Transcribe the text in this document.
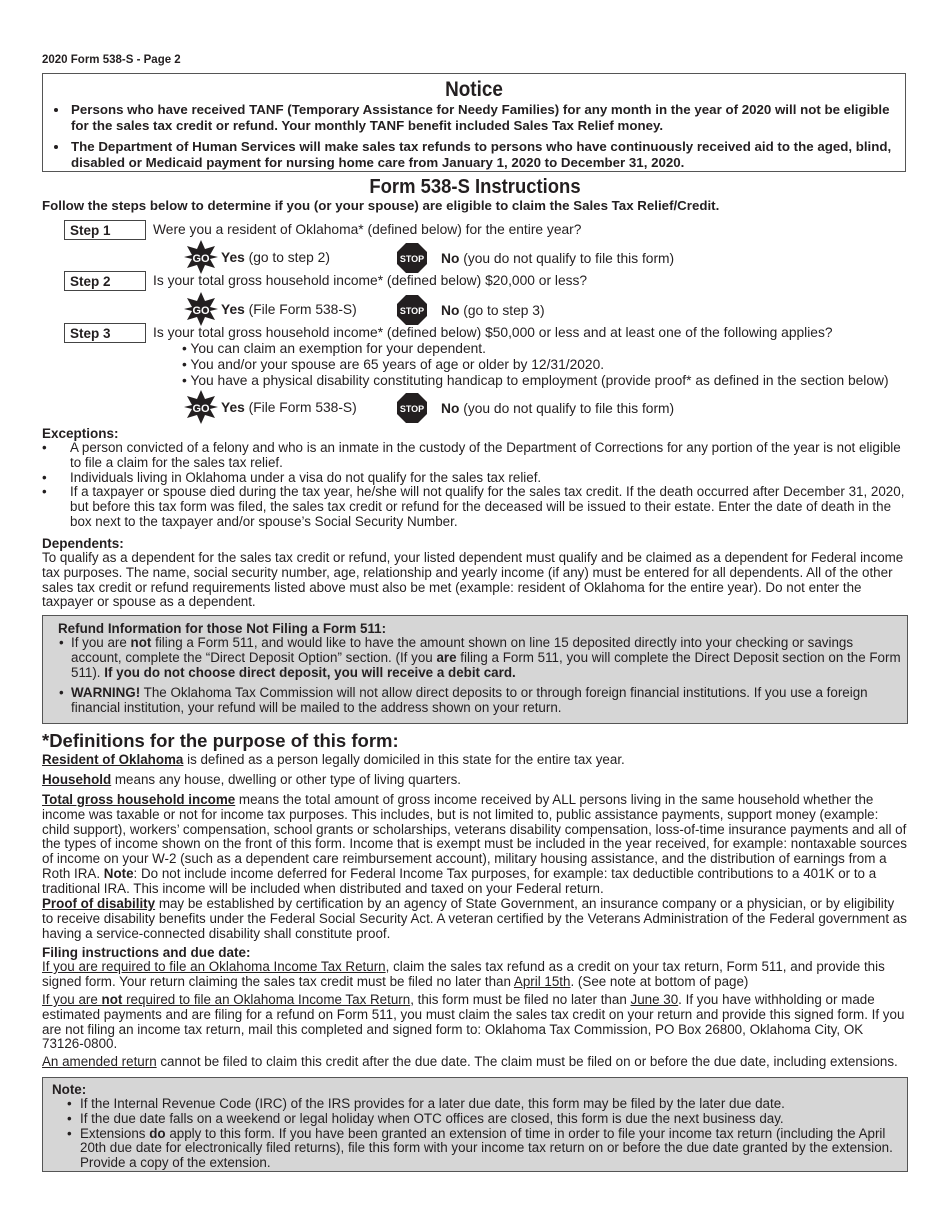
2020 Form 538-S - Page 2
Notice
• Persons who have received TANF (Temporary Assistance for Needy Families) for any month in the year of 2020 will not be eligible for the sales tax credit or refund. Your monthly TANF benefit included Sales Tax Relief money.
• The Department of Human Services will make sales tax refunds to persons who have continuously received aid to the aged, blind, disabled or Medicaid payment for nursing home care from January 1, 2020 to December 31, 2020.
Form 538-S Instructions
Follow the steps below to determine if you (or your spouse) are eligible to claim the Sales Tax Relief/Credit.
Step 1	Were you a resident of Oklahoma* (defined below) for the entire year?
GO Yes (go to step 2)	STOP No (you do not qualify to file this form)
Step 2	Is your total gross household income* (defined below) $20,000 or less?
GO Yes (File Form 538-S)	STOP No (go to step 3)
Step 3	Is your total gross household income* (defined below) $50,000 or less and at least one of the following applies?
• You can claim an exemption for your dependent.
• You and/or your spouse are 65 years of age or older by 12/31/2020.
• You have a physical disability constituting handicap to employment (provide proof* as defined in the section below)
GO Yes (File Form 538-S)	STOP No (you do not qualify to file this form)
Exceptions:

• A person convicted of a felony and who is an inmate in the custody of the Department of Corrections for any portion of the year is not eligible to file a claim for the sales tax relief.

• Individuals living in Oklahoma under a visa do not qualify for the sales tax relief.

• If a taxpayer or spouse died during the tax year, he/she will not qualify for the sales tax credit. If the death occurred after December 31, 2020, but before this tax form was filed, the sales tax credit or refund for the deceased will be issued to their estate. Enter the date of death in the box next to the taxpayer and/or spouse’s Social Security Number.

Dependents:
To qualify as a dependent for the sales tax credit or refund, your listed dependent must qualify and be claimed as a dependent for Federal income tax purposes. The name, social security number, age, relationship and yearly income (if any) must be entered for all dependents. All of the other sales tax credit or refund requirements listed above must also be met (example: resident of Oklahoma for the entire year). Do not enter the taxpayer or spouse as a dependent.
Refund Information for those Not Filing a Form 511:
• If you are not filing a Form 511, and would like to have the amount shown on line 15 deposited directly into your checking or savings account, complete the “Direct Deposit Option” section. (If you are filing a Form 511, you will complete the Direct Deposit section on the Form 511). If you do not choose direct deposit, you will receive a debit card.
• WARNING! The Oklahoma Tax Commission will not allow direct deposits to or through foreign financial institutions. If you use a foreign financial institution, your refund will be mailed to the address shown on your return.
*Definitions for the purpose of this form:
Resident of Oklahoma is defined as a person legally domiciled in this state for the entire tax year.
Household means any house, dwelling or other type of living quarters.
Total gross household income means the total amount of gross income received by ALL persons living in the same household whether the income was taxable or not for income tax purposes. This includes, but is not limited to, public assistance payments, support money (example: child support), workers’ compensation, school grants or scholarships, veterans disability compensation, loss-of-time insurance payments and all of the types of income shown on the front of this form. Income that is exempt must be included in the year received, for example: nontaxable sources of income on your W-2 (such as a dependent care reimbursement account), military housing assistance, and the distribution of earnings from a Roth IRA. Note: Do not include income deferred for Federal Income Tax purposes, for example: tax deductible contributions to a 401K or to a traditional IRA. This income will be included when distributed and taxed on your Federal return.
Proof of disability may be established by certification by an agency of State Government, an insurance company or a physician, or by eligibility to receive disability benefits under the Federal Social Security Act. A veteran certified by the Veterans Administration of the Federal government as having a service-connected disability shall constitute proof.
Filing instructions and due date:
If you are required to file an Oklahoma Income Tax Return, claim the sales tax refund as a credit on your tax return, Form 511, and provide this signed form. Your return claiming the sales tax credit must be filed no later than April 15th. (See note at bottom of page)
If you are not required to file an Oklahoma Income Tax Return, this form must be filed no later than June 30. If you have withholding or made estimated payments and are filing for a refund on Form 511, you must claim the sales tax credit on your return and provide this signed form. If you are not filing an income tax return, mail this completed and signed form to: Oklahoma Tax Commission, PO Box 26800, Oklahoma City, OK 73126-0800.
An amended return cannot be filed to claim this credit after the due date. The claim must be filed on or before the due date, including extensions.
Note:
• If the Internal Revenue Code (IRC) of the IRS provides for a later due date, this form may be filed by the later due date.
• If the due date falls on a weekend or legal holiday when OTC offices are closed, this form is due the next business day.
• Extensions do apply to this form. If you have been granted an extension of time in order to file your income tax return (including the April 20th due date for electronically filed returns), file this form with your income tax return on or before the due date granted by the extension. Provide a copy of the extension.
